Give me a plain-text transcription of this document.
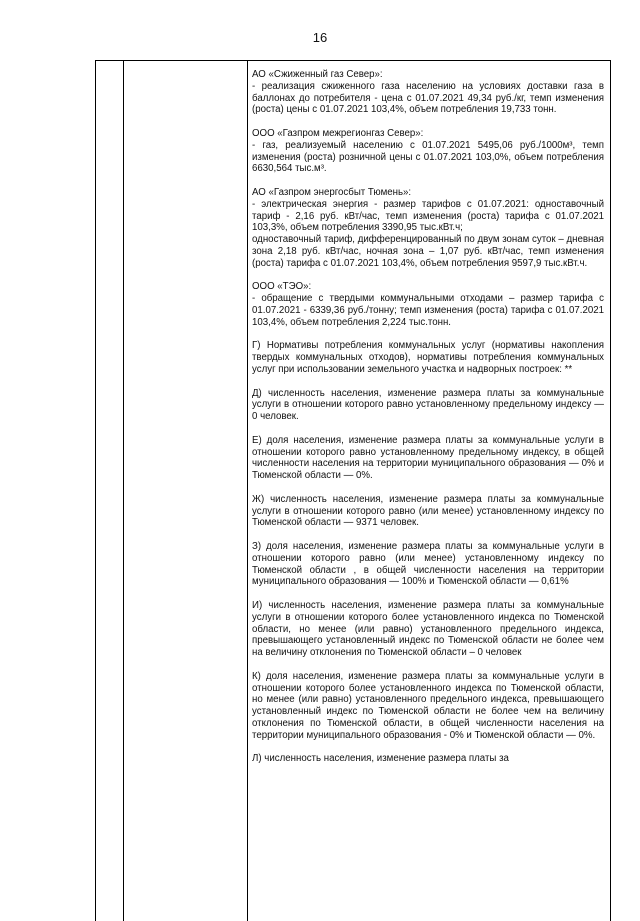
16
АО «Сжиженный газ Север»:
- реализация сжиженного газа населению на условиях доставки газа в баллонах до потребителя - цена с 01.07.2021 49,34 руб./кг, темп изменения (роста) цены с 01.07.2021 103,4%, объем потребления 19,733 тонн.
ООО «Газпром межрегионгаз Север»:
- газ, реализуемый населению с 01.07.2021 5495,06 руб./1000м³, темп изменения (роста) розничной цены с 01.07.2021 103,0%, объем потребления 6630,564 тыс.м³.
АО «Газпром энергосбыт Тюмень»:
- электрическая энергия - размер тарифов с 01.07.2021: одноставочный тариф - 2,16 руб. кВт/час, темп изменения (роста) тарифа с 01.07.2021 103,3%, объем потребления 3390,95 тыс.кВт.ч;
одноставочный тариф, дифференцированный по двум зонам суток – дневная зона 2,18 руб. кВт/час, ночная зона – 1,07 руб. кВт/час, темп изменения (роста) тарифа с 01.07.2021 103,4%, объем потребления 9597,9 тыс.кВт.ч.
ООО «ТЭО»:
- обращение с твердыми коммунальными отходами – размер тарифа с 01.07.2021 - 6339,36 руб./тонну; темп изменения (роста) тарифа с 01.07.2021 103,4%, объем потребления 2,224 тыс.тонн.
Г) Нормативы потребления коммунальных услуг (нормативы накопления твердых коммунальных отходов), нормативы потребления коммунальных услуг при использовании земельного участка и надворных построек: **
Д) численность населения, изменение размера платы за коммунальные услуги в отношении которого равно установленному предельному индексу — 0 человек.
Е) доля населения, изменение размера платы за коммунальные услуги в отношении которого равно установленному предельному индексу, в общей численности населения на территории муниципального образования — 0% и Тюменской области — 0%.
Ж) численность населения, изменение размера платы за коммунальные услуги в отношении которого равно (или менее) установленному индексу по Тюменской области — 9371 человек.
З) доля населения, изменение размера платы за коммунальные услуги в отношении которого равно (или менее) установленному индексу по Тюменской области , в общей численности населения на территории муниципального образования — 100% и Тюменской области — 0,61%
И) численность населения, изменение размера платы за коммунальные услуги в отношении которого более установленного индекса по Тюменской области, но менее (или равно) установленного предельного индекса, превышающего установленный индекс по Тюменской области не более чем на величину отклонения по Тюменской области – 0 человек
К) доля населения, изменение размера платы за коммунальные услуги в отношении которого более установленного индекса по Тюменской области, но менее (или равно) установленного предельного индекса, превышающего установленный индекс по Тюменской области не более чем на величину отклонения по Тюменской области, в общей численности населения на территории муниципального образования - 0% и Тюменской области — 0%.
Л) численность населения, изменение размера платы за
